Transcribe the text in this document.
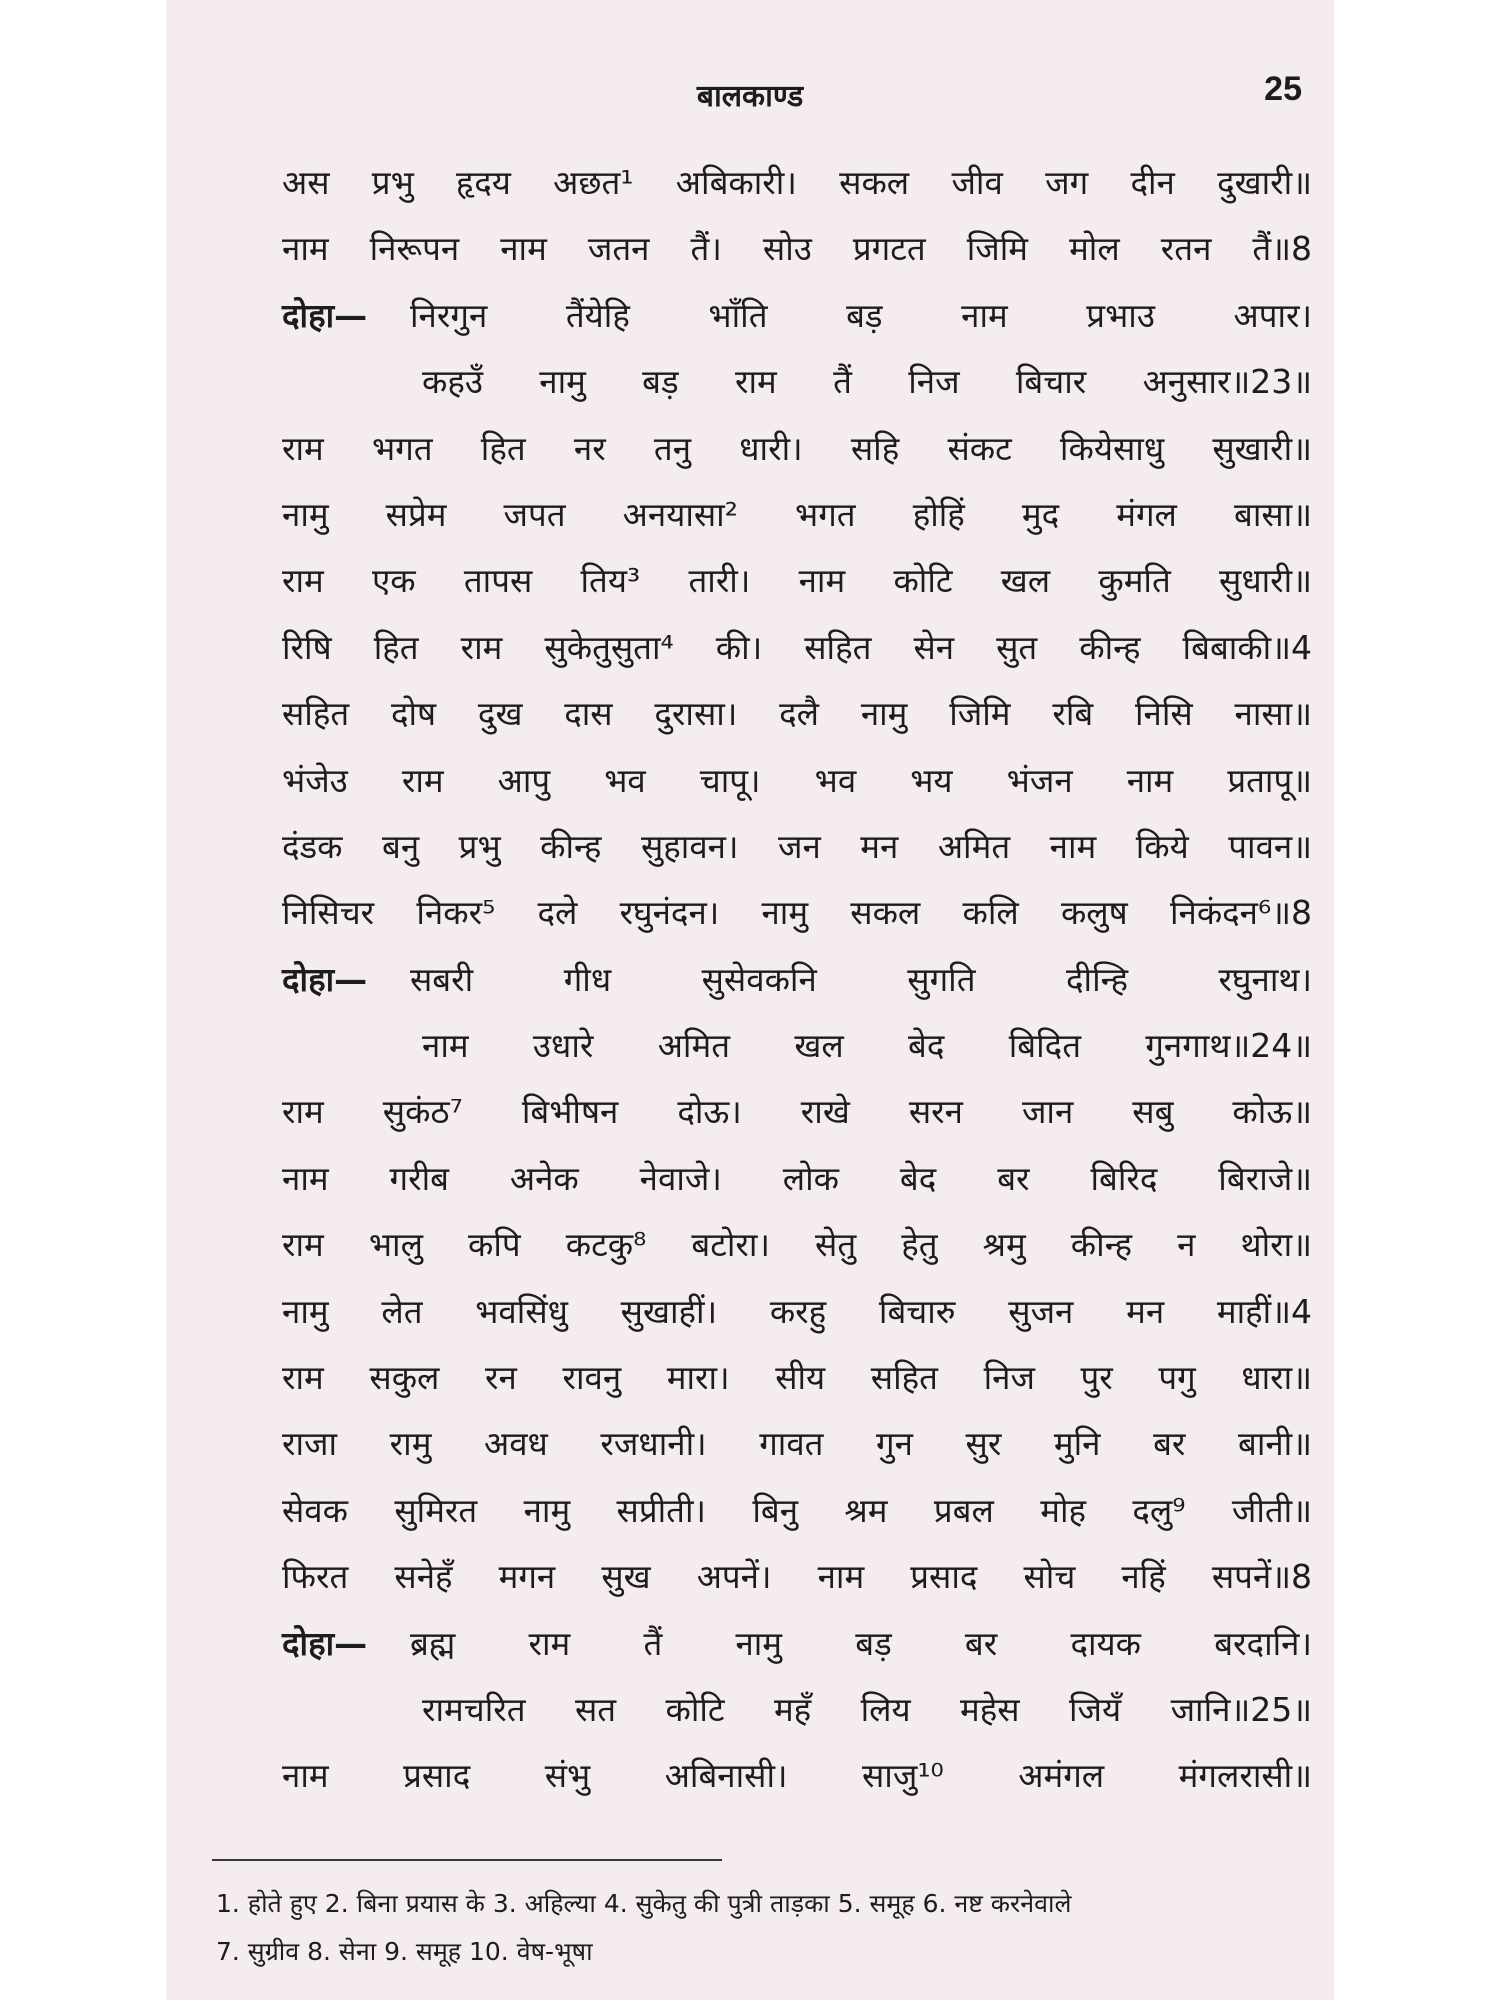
बालकाण्ड	25
अस प्रभु हृदय अछत¹ अबिकारी। सकल जीव जग दीन दुखारी॥
नाम निरूपन नाम जतन तैं। सोउ प्रगटत जिमि मोल रतन तैं॥8
दोहा—	निरगुन तैंयेहि भाँति बड़ नाम प्रभाउ अपार।
कहउँ नामु बड़ राम तैं निज बिचार अनुसार॥23॥
राम भगत हित नर तनु धारी। सहि संकट कियेसाधु सुखारी॥
नामु सप्रेम जपत अनयासा² भगत होहिं मुद मंगल बासा॥
राम एक तापस तिय³ तारी। नाम कोटि खल कुमति सुधारी॥
रिषि हित राम सुकेतुसुता⁴ की। सहित सेन सुत कीन्ह बिबाकी॥4
सहित दोष दुख दास दुरासा। दलै नामु जिमि रबि निसि नासा॥
भंजेउ राम आपु भव चापू। भव भय भंजन नाम प्रतापू॥
दंडक बनु प्रभु कीन्ह सुहावन। जन मन अमित नाम किये पावन॥
निसिचर निकर⁵ दले रघुनंदन। नामु सकल कलि कलुष निकंदन⁶॥8
दोहा—	सबरी गीध सुसेवकनि सुगति दीन्हि रघुनाथ।
नाम उधारे अमित खल बेद बिदित गुनगाथ॥24॥
राम सुकंठ⁷ बिभीषन दोऊ। राखे सरन जान सबु कोऊ॥
नाम गरीब अनेक नेवाजे। लोक बेद बर बिरिद बिराजे॥
राम भालु कपि कटकु⁸ बटोरा। सेतु हेतु श्रमु कीन्ह न थोरा॥
नामु लेत भवसिंधु सुखाहीं। करहु बिचारु सुजन मन माहीं॥4
राम सकुल रन रावनु मारा। सीय सहित निज पुर पगु धारा॥
राजा रामु अवध रजधानी। गावत गुन सुर मुनि बर बानी॥
सेवक सुमिरत नामु सप्रीती। बिनु श्रम प्रबल मोह दलु⁹ जीती॥
फिरत सनेहँ मगन सुख अपनें। नाम प्रसाद सोच नहिं सपनें॥8
दोहा—	ब्रह्म राम तैं नामु बड़ बर दायक बरदानि।
रामचरित सत कोटि महँ लिय महेस जियँ जानि॥25॥
नाम प्रसाद संभु अबिनासी। साजु¹⁰ अमंगल मंगलरासी॥
1. होते हुए 2. बिना प्रयास के 3. अहिल्या 4. सुकेतु की पुत्री ताड़का 5. समूह 6. नष्ट करनेवाले
7. सुग्रीव 8. सेना 9. समूह 10. वेष-भूषा
